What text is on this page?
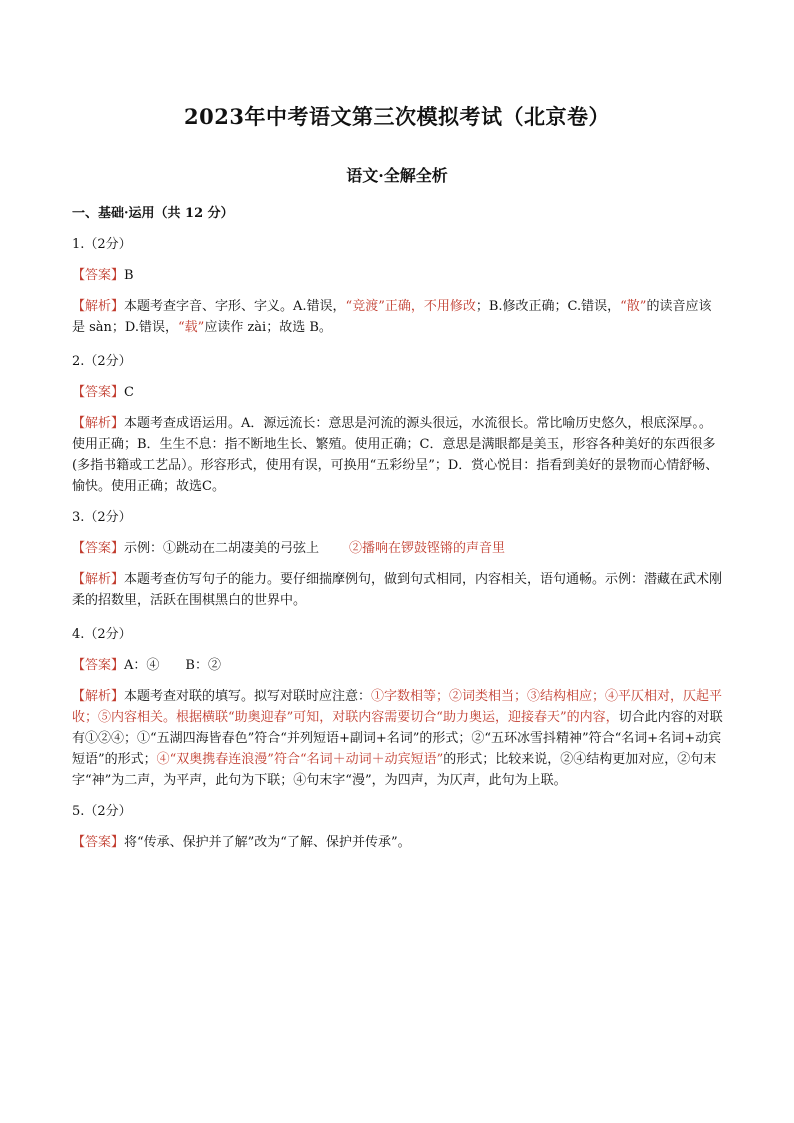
2023年中考语文第三次模拟考试（北京卷）
语文·全解全析

一、基础·运用（共 12 分）

1.（2分）

【答案】B

【解析】本题考查字音、字形、字义。A.错误，“竞渡”正确，不用修改；B.修改正确；C.错误，“散”的读音应该是 sàn；D.错误，“载”应读作 zài；故选 B。

2.（2分）

【答案】C

【解析】本题考查成语运用。A．源远流长：意思是河流的源头很远，水流很长。常比喻历史悠久，根底深厚。。使用正确；B．生生不息：指不断地生长、繁殖。使用正确；C．意思是满眼都是美玉，形容各种美好的东西很多(多指书籍或工艺品）。形容形式，使用有误，可换用“五彩纷呈”；D．赏心悦目：指看到美好的景物而心情舒畅、愉快。使用正确；故选C。

3.（2分）

【答案】示例：①跳动在二胡凄美的弓弦上 ②播响在锣鼓铿锵的声音里

【解析】本题考查仿写句子的能力。要仔细揣摩例句，做到句式相同，内容相关，语句通畅。示例：潜藏在武术刚柔的招数里，活跃在围棋黑白的世界中。

4.（2分）

【答案】A：④　　B：②

【解析】本题考查对联的填写。拟写对联时应注意：①字数相等；②词类相当；③结构相应；④平仄相对，仄起平收；⑤内容相关。根据横联“助奥迎春”可知，对联内容需要切合“助力奥运，迎接春天”的内容，切合此内容的对联有①②④；①“五湖四海皆春色”符合“并列短语+副词+名词”的形式；②“五环冰雪抖精神”符合“名词+名词+动宾短语”的形式；④“双奥携春连浪漫”符合“名词＋动词＋动宾短语”的形式；比较来说，②④结构更加对应，②句末字“神”为二声，为平声，此句为下联；④句末字“漫”，为四声，为仄声，此句为上联。

5.（2分）

【答案】将“传承、保护并了解”改为“了解、保护并传承”。
